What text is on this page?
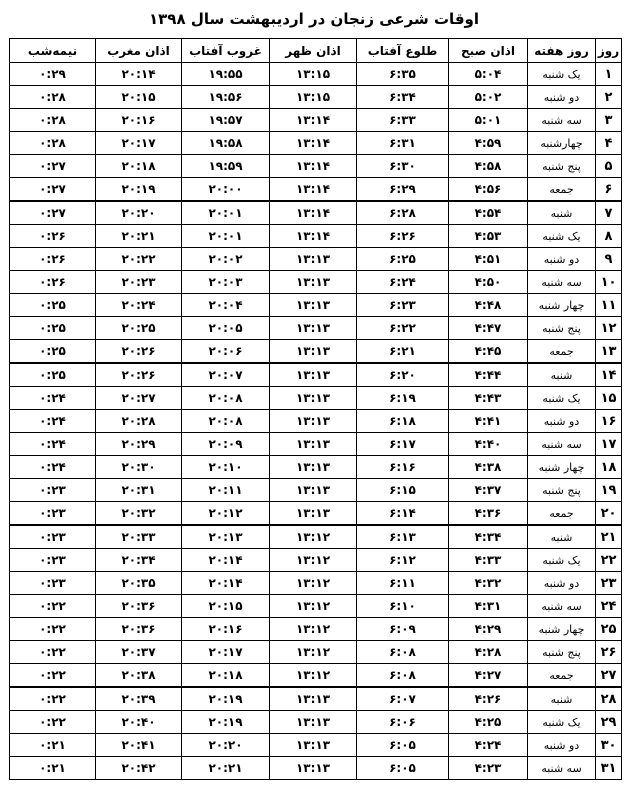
اوقات شرعی زنجان در اردیبهشت سال ۱۳۹۸
روز	روز هفته	اذان صبح	طلوع آفتاب	اذان ظهر	غروب آفتاب	اذان مغرب	نیمه‌شب
۱	یک شنبه	۵:۰۴	۶:۳۵	۱۳:۱۵	۱۹:۵۵	۲۰:۱۴	۰:۲۹
۲	دو شنبه	۵:۰۲	۶:۳۴	۱۳:۱۵	۱۹:۵۶	۲۰:۱۵	۰:۲۸
۳	سه شنبه	۵:۰۱	۶:۳۳	۱۳:۱۴	۱۹:۵۷	۲۰:۱۶	۰:۲۸
۴	چهارشنبه	۴:۵۹	۶:۳۱	۱۳:۱۴	۱۹:۵۸	۲۰:۱۷	۰:۲۸
۵	پنج شنبه	۴:۵۸	۶:۳۰	۱۳:۱۴	۱۹:۵۹	۲۰:۱۸	۰:۲۷
۶	جمعه	۴:۵۶	۶:۲۹	۱۳:۱۴	۲۰:۰۰	۲۰:۱۹	۰:۲۷
۷	شنبه	۴:۵۴	۶:۲۸	۱۳:۱۴	۲۰:۰۱	۲۰:۲۰	۰:۲۷
۸	یک شنبه	۴:۵۳	۶:۲۶	۱۳:۱۴	۲۰:۰۱	۲۰:۲۱	۰:۲۶
۹	دو شنبه	۴:۵۱	۶:۲۵	۱۳:۱۳	۲۰:۰۲	۲۰:۲۲	۰:۲۶
۱۰	سه شنبه	۴:۵۰	۶:۲۴	۱۳:۱۳	۲۰:۰۳	۲۰:۲۳	۰:۲۶
۱۱	چهار شنبه	۴:۴۸	۶:۲۳	۱۳:۱۳	۲۰:۰۴	۲۰:۲۴	۰:۲۵
۱۲	پنج شنبه	۴:۴۷	۶:۲۲	۱۳:۱۳	۲۰:۰۵	۲۰:۲۵	۰:۲۵
۱۳	جمعه	۴:۴۵	۶:۲۱	۱۳:۱۳	۲۰:۰۶	۲۰:۲۶	۰:۲۵
۱۴	شنبه	۴:۴۴	۶:۲۰	۱۳:۱۳	۲۰:۰۷	۲۰:۲۶	۰:۲۵
۱۵	یک شنبه	۴:۴۳	۶:۱۹	۱۳:۱۳	۲۰:۰۸	۲۰:۲۷	۰:۲۴
۱۶	دو شنبه	۴:۴۱	۶:۱۸	۱۳:۱۳	۲۰:۰۸	۲۰:۲۸	۰:۲۴
۱۷	سه شنبه	۴:۴۰	۶:۱۷	۱۳:۱۳	۲۰:۰۹	۲۰:۲۹	۰:۲۴
۱۸	چهار شنبه	۴:۳۸	۶:۱۶	۱۳:۱۳	۲۰:۱۰	۲۰:۳۰	۰:۲۴
۱۹	پنج شنبه	۴:۳۷	۶:۱۵	۱۳:۱۳	۲۰:۱۱	۲۰:۳۱	۰:۲۳
۲۰	جمعه	۴:۳۶	۶:۱۴	۱۳:۱۳	۲۰:۱۲	۲۰:۳۲	۰:۲۳
۲۱	شنبه	۴:۳۴	۶:۱۳	۱۳:۱۲	۲۰:۱۳	۲۰:۳۳	۰:۲۳
۲۲	یک شنبه	۴:۳۳	۶:۱۲	۱۳:۱۲	۲۰:۱۴	۲۰:۳۴	۰:۲۳
۲۳	دو شنبه	۴:۳۲	۶:۱۱	۱۳:۱۲	۲۰:۱۴	۲۰:۳۵	۰:۲۳
۲۴	سه شنبه	۴:۳۱	۶:۱۰	۱۳:۱۲	۲۰:۱۵	۲۰:۳۶	۰:۲۲
۲۵	چهار شنبه	۴:۲۹	۶:۰۹	۱۳:۱۲	۲۰:۱۶	۲۰:۳۶	۰:۲۲
۲۶	پنج شنبه	۴:۲۸	۶:۰۸	۱۳:۱۲	۲۰:۱۷	۲۰:۳۷	۰:۲۲
۲۷	جمعه	۴:۲۷	۶:۰۸	۱۳:۱۲	۲۰:۱۸	۲۰:۳۸	۰:۲۲
۲۸	شنبه	۴:۲۶	۶:۰۷	۱۳:۱۳	۲۰:۱۹	۲۰:۳۹	۰:۲۲
۲۹	یک شنبه	۴:۲۵	۶:۰۶	۱۳:۱۳	۲۰:۱۹	۲۰:۴۰	۰:۲۲
۳۰	دو شنبه	۴:۲۴	۶:۰۵	۱۳:۱۳	۲۰:۲۰	۲۰:۴۱	۰:۲۱
۳۱	سه شنبه	۴:۲۳	۶:۰۵	۱۳:۱۳	۲۰:۲۱	۲۰:۴۲	۰:۲۱
